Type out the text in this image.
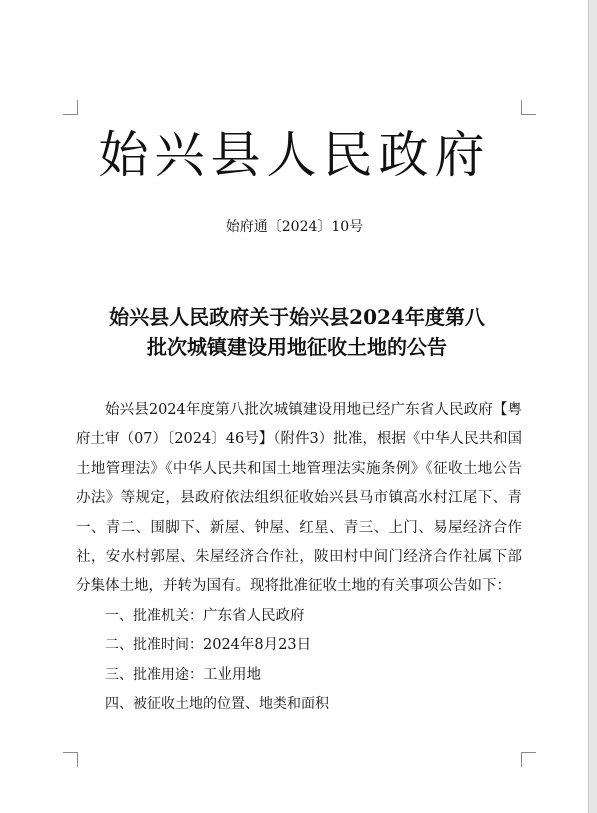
始兴县人民政府
始府通〔2024〕10号
始兴县人民政府关于始兴县2024年度第八
批次城镇建设用地征收土地的公告

始兴县2024年度第八批次城镇建设用地已经广东省人民政府【粤府土审（07）〔2024〕46号】（附件3）批准，根据《中华人民共和国土地管理法》《中华人民共和国土地管理法实施条例》《征收土地公告办法》等规定，县政府依法组织征收始兴县马市镇高水村江尾下、青一、青二、围脚下、新屋、钟屋、红星、青三、上门、易屋经济合作社，安水村郭屋、朱屋经济合作社，陂田村中间门经济合作社属下部分集体土地，并转为国有。现将批准征收土地的有关事项公告如下：

一、批准机关：广东省人民政府

二、批准时间：2024年8月23日

三、批准用途：工业用地

四、被征收土地的位置、地类和面积
